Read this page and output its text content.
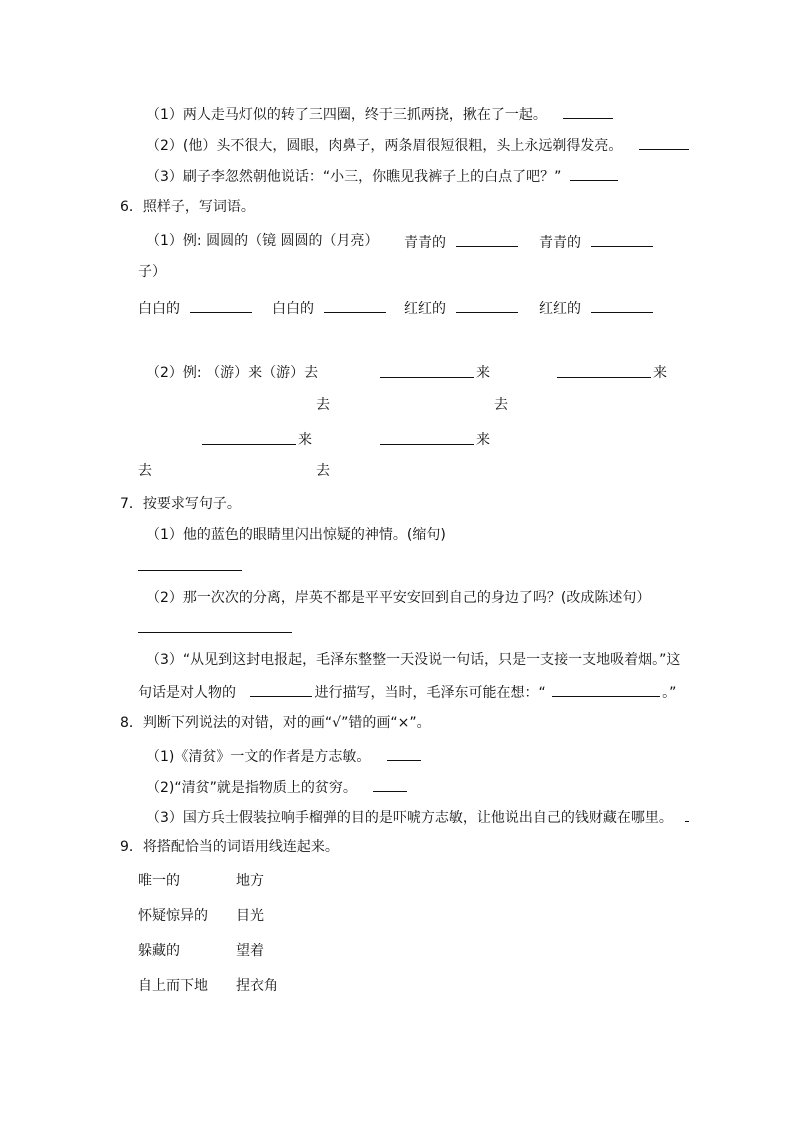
（1）两人走马灯似的转了三四圈，终于三抓两挠，揪在了一起。
（2）(他）头不很大，圆眼，肉鼻子，两条眉很短很粗，头上永远剃得发亮。
（3）刷子李忽然朝他说话：“小三，你瞧见我裤子上的白点了吧？”
6．照样子，写词语。
（1）例: 圆圆的（镜 圆圆的（月亮） 青青的	青青的
子）
白白的	白白的	红红的	红红的
（2）例: （游）来（游）去	来	来
去	去
来	来
去	去
7．按要求写句子。
（1）他的蓝色的眼睛里闪出惊疑的神情。(缩句)
（2）那一次次的分离，岸英不都是平平安安回到自己的身边了吗？(改成陈述句）
（3）“从见到这封电报起，毛泽东整整一天没说一句话，只是一支接一支地吸着烟。”这
句话是对人物的	进行描写，当时，毛泽东可能在想：“	。”
8．判断下列说法的对错，对的画“√”错的画“×”。
（1)《清贫》一文的作者是方志敏。
（2)“清贫”就是指物质上的贫穷。
（3）国方兵士假装拉响手榴弹的目的是吓唬方志敏，让他说出自己的钱财藏在哪里。
9．将搭配恰当的词语用线连起来。
唯一的	地方
怀疑惊异的 目光
躲藏的	望着
自上而下地 捏衣角
